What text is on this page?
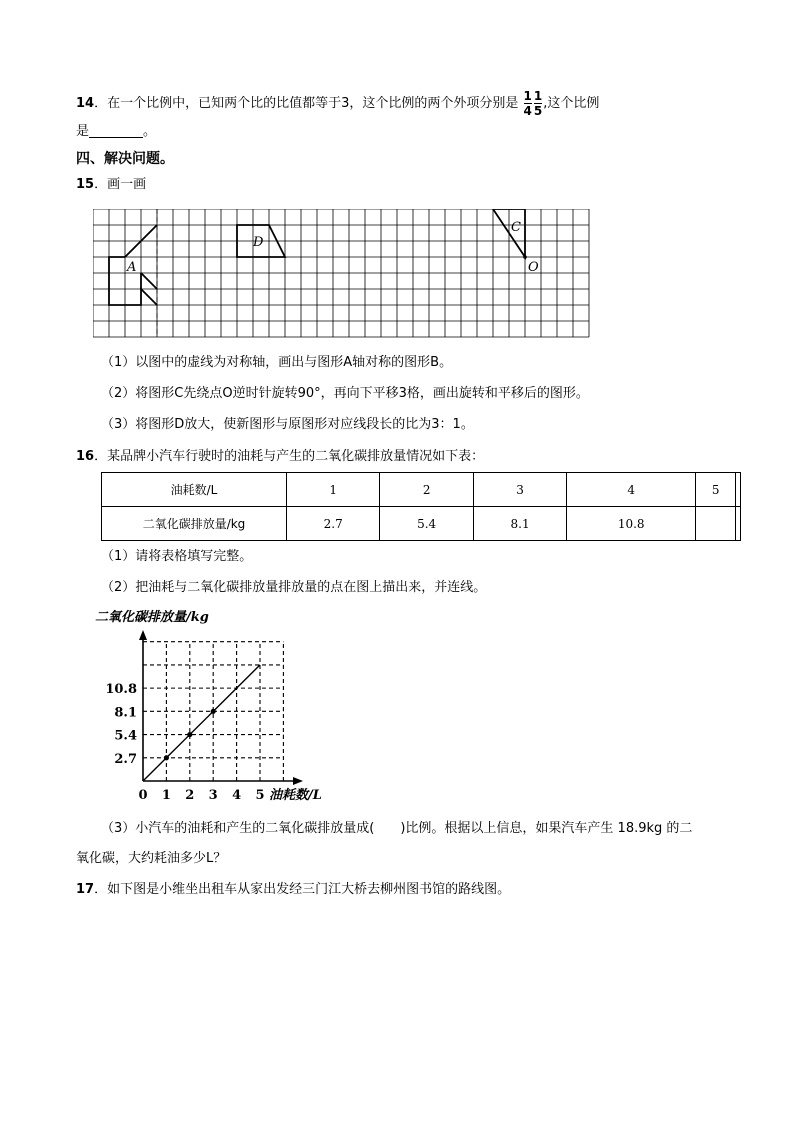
14．在一个比例中，已知两个比的比值都等于3，这个比例的两个外项分别是 $\frac{1}{4} \frac{1}{5}$ ,这个比例
是	。
四、解决问题。
15．画一画
A
D
C
O
（1）以图中的虚线为对称轴，画出与图形A轴对称的图形B。
（2）将图形C先绕点O逆时针旋转90°，再向下平移3格，画出旋转和平移后的图形。
（3）将图形D放大，使新图形与原图形对应线段长的比为3：1。
16．某品牌小汽车行驶时的油耗与产生的二氧化碳排放量情况如下表：
油耗数/L	1	2	3	4	5	
二氧化碳排放量/kg	2.7	5.4	8.1	10.8		
（1）请将表格填写完整。
（2）把油耗与二氧化碳排放量排放量的点在图上描出来，并连线。
二氧化碳排放量/kg
0 1 2 3 4 5
2.7
5.4
8.1
10.8
油耗数/L
（3）小汽车的油耗和产生的二氧化碳排放量成(　　)比例。根据以上信息，如果汽车产生 18.9kg 的二
氧化碳，大约耗油多少L？
17．如下图是小维坐出租车从家出发经三门江大桥去柳州图书馆的路线图。
